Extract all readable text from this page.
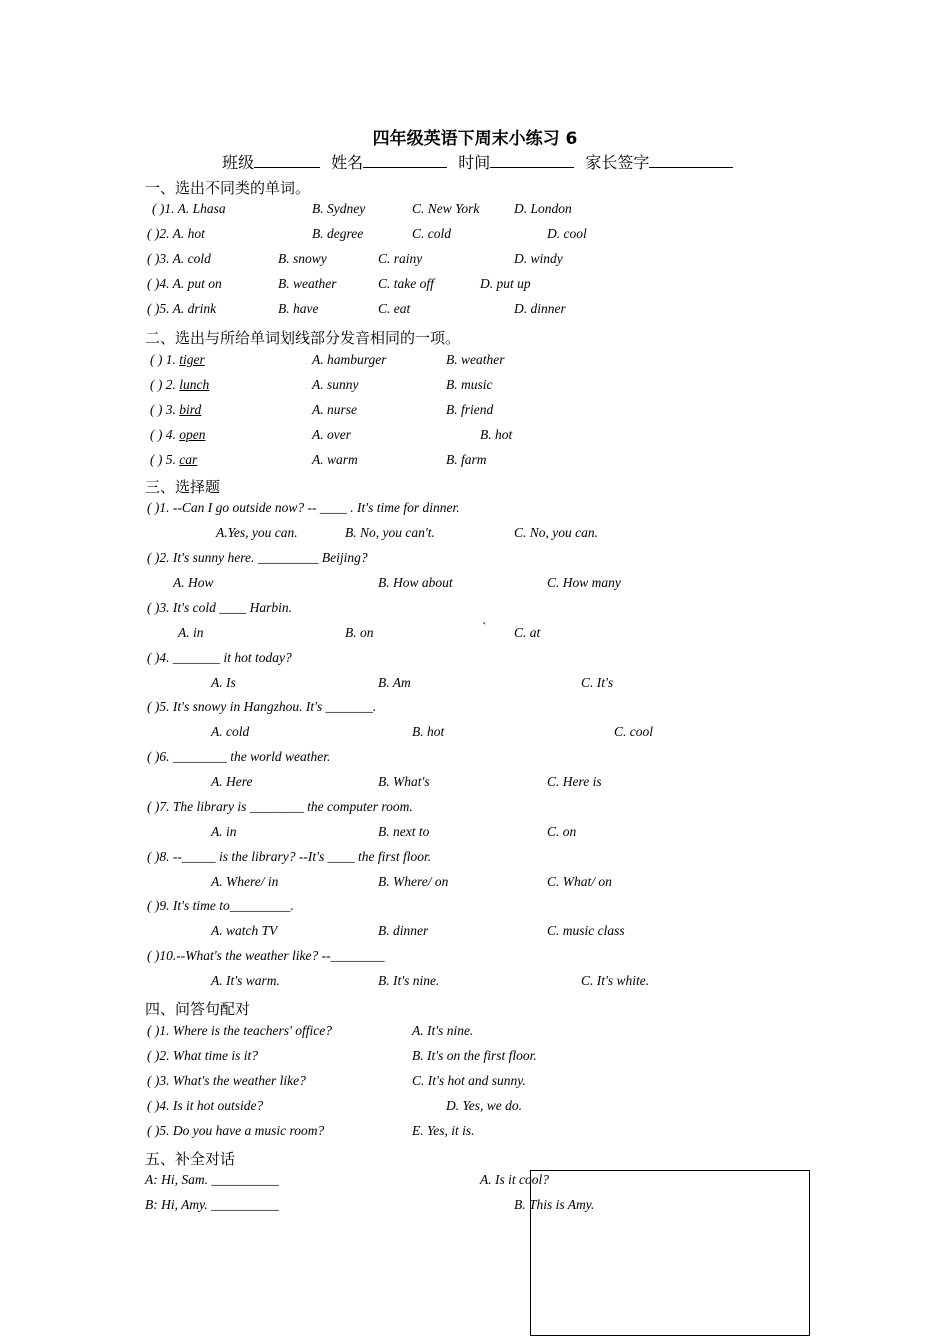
四年级英语下周末小练习 6
班级	姓名	时间	家长签字
一、选出不同类的单词。
( )1. A. Lhasa	B. Sydney	C. New York	D. London
( )2. A. hot	B. degree	C. cold	D. cool
( )3. A. cold	B. snowy	C. rainy	D. windy
( )4. A. put on	B. weather	C. take off	D. put up
( )5. A. drink	B. have	C. eat	D. dinner
二、选出与所给单词划线部分发音相同的一项。
( ) 1. tiger	A. hamburger	B. weather
( ) 2. lunch	A. sunny	B. music
( ) 3. bird	A. nurse	B. friend
( ) 4. open	A. over	B. hot
( ) 5. car	A. warm	B. farm
三、选择题
( )1. --Can I go outside now? -- ____ . It's time for dinner.
A.Yes, you can.	B. No, you can't.	C. No, you can.
( )2. It's sunny here. _________ Beijing?
A. How	B. How about	C. How many
( )3. It's cold ____ Harbin.
A. in	B. on	` C. at
( )4. _______ it hot today?
A. Is	B. Am	C. It's
( )5. It's snowy in Hangzhou. It's _______.
A. cold	B. hot	C. cool
( )6. ________ the world weather.
A. Here	B. What's	C. Here is
( )7. The library is ________ the computer room.
A. in	B. next to	C. on
( )8. --_____ is the library? --It's ____ the first floor.
A. Where/ in	B. Where/ on	C. What/ on
( )9. It's time to_________.
A. watch TV	B. dinner	C. music class
( )10.--What's the weather like? --________
A. It's warm.	B. It's nine.	C. It's white.
四、问答句配对
( )1. Where is the teachers' office?	A. It's nine.
( )2. What time is it?	B. It's on the first floor.
( )3. What's the weather like?	C. It's hot and sunny.
( )4. Is it hot outside?	D. Yes, we do.
( )5. Do you have a music room?	E. Yes, it is.
五、补全对话
A: Hi, Sam. __________
B: Hi, Amy. __________
A. Is it cool?
B. This is Amy.
